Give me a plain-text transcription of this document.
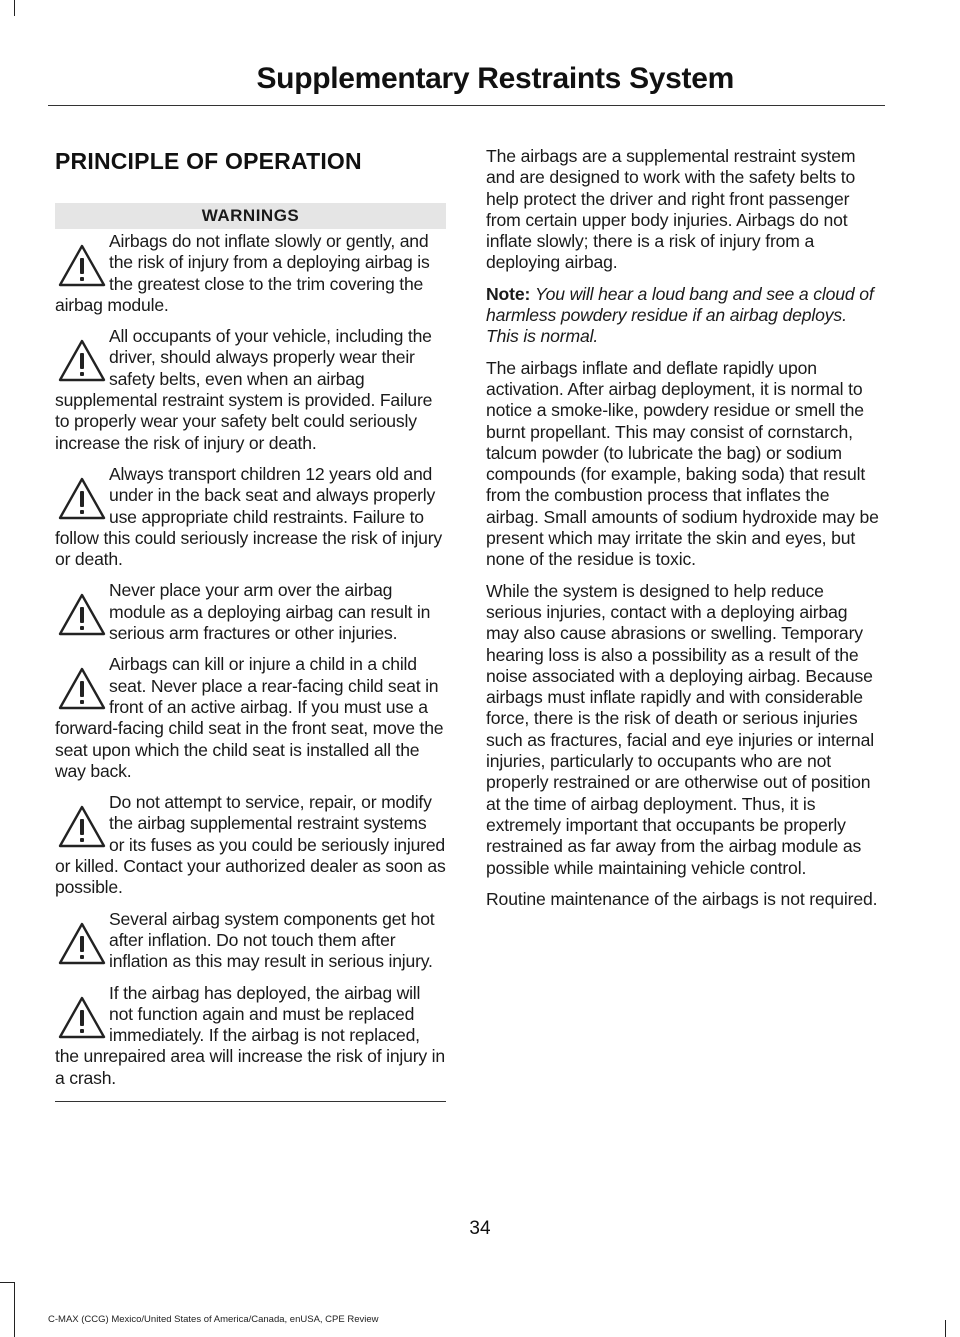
Supplementary Restraints System
PRINCIPLE OF OPERATION
WARNINGS
Airbags do not inflate slowly or gently, and the risk of injury from a deploying airbag is the greatest close to the trim covering the airbag module.
All occupants of your vehicle, including the driver, should always properly wear their safety belts, even when an airbag supplemental restraint system is provided. Failure to properly wear your safety belt could seriously increase the risk of injury or death.
Always transport children 12 years old and under in the back seat and always properly use appropriate child restraints. Failure to follow this could seriously increase the risk of injury or death.
Never place your arm over the airbag module as a deploying airbag can result in serious arm fractures or other injuries.
Airbags can kill or injure a child in a child seat. Never place a rear-facing child seat in front of an active airbag. If you must use a forward-facing child seat in the front seat, move the seat upon which the child seat is installed all the way back.
Do not attempt to service, repair, or modify the airbag supplemental restraint systems or its fuses as you could be seriously injured or killed. Contact your authorized dealer as soon as possible.
Several airbag system components get hot after inflation. Do not touch them after inflation as this may result in serious injury.
If the airbag has deployed, the airbag will not function again and must be replaced immediately. If the airbag is not replaced, the unrepaired area will increase the risk of injury in a crash.

The airbags are a supplemental restraint system and are designed to work with the safety belts to help protect the driver and right front passenger from certain upper body injuries. Airbags do not inflate slowly; there is a risk of injury from a deploying airbag.

Note: You will hear a loud bang and see a cloud of harmless powdery residue if an airbag deploys. This is normal.

The airbags inflate and deflate rapidly upon activation. After airbag deployment, it is normal to notice a smoke-like, powdery residue or smell the burnt propellant. This may consist of cornstarch, talcum powder (to lubricate the bag) or sodium compounds (for example, baking soda) that result from the combustion process that inflates the airbag. Small amounts of sodium hydroxide may be present which may irritate the skin and eyes, but none of the residue is toxic.

While the system is designed to help reduce serious injuries, contact with a deploying airbag may also cause abrasions or swelling. Temporary hearing loss is also a possibility as a result of the noise associated with a deploying airbag. Because airbags must inflate rapidly and with considerable force, there is the risk of death or serious injuries such as fractures, facial and eye injuries or internal injuries, particularly to occupants who are not properly restrained or are otherwise out of position at the time of airbag deployment. Thus, it is extremely important that occupants be properly restrained as far away from the airbag module as possible while maintaining vehicle control.

Routine maintenance of the airbags is not required.

34
C-MAX (CCG) Mexico/United States of America/Canada, enUSA, CPE Review
